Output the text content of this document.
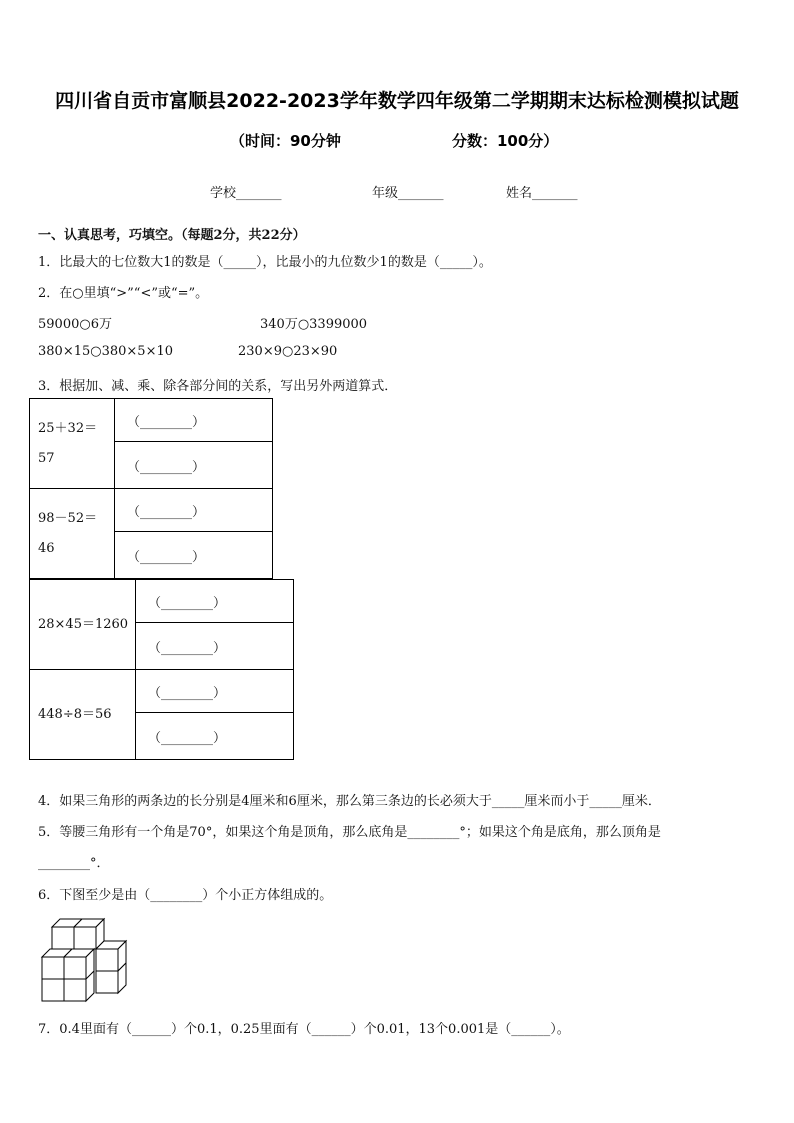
四川省自贡市富顺县2022-2023学年数学四年级第二学期期末达标检测模拟试题
（时间：90分钟	分数：100分）
学校_______	年级_______	姓名_______
一、认真思考，巧填空。（每题2分，共22分）
1．比最大的七位数大1的数是（_____），比最小的九位数少1的数是（_____）。
2．在○里填“>”“<”或“=”。
59000○6万	340万○3399000
380×15○380×5×10	230×9○23×90
3．根据加、减、乘、除各部分间的关系，写出另外两道算式．
25＋32＝
57	（________）
	（________）
98－52＝
46	（________）
	（________）
28×45＝1260	（________）
	（________）
448÷8＝56	（________）
	（________）
4．如果三角形的两条边的长分别是4厘米和6厘米，那么第三条边的长必须大于_____厘米而小于_____厘米．
5．等腰三角形有一个角是70°，如果这个角是顶角，那么底角是________°；如果这个角是底角，那么顶角是
________°．
6．下图至少是由（________）个小正方体组成的。
7．0.4里面有（______）个0.1，0.25里面有（______）个0.01，13个0.001是（______）。
